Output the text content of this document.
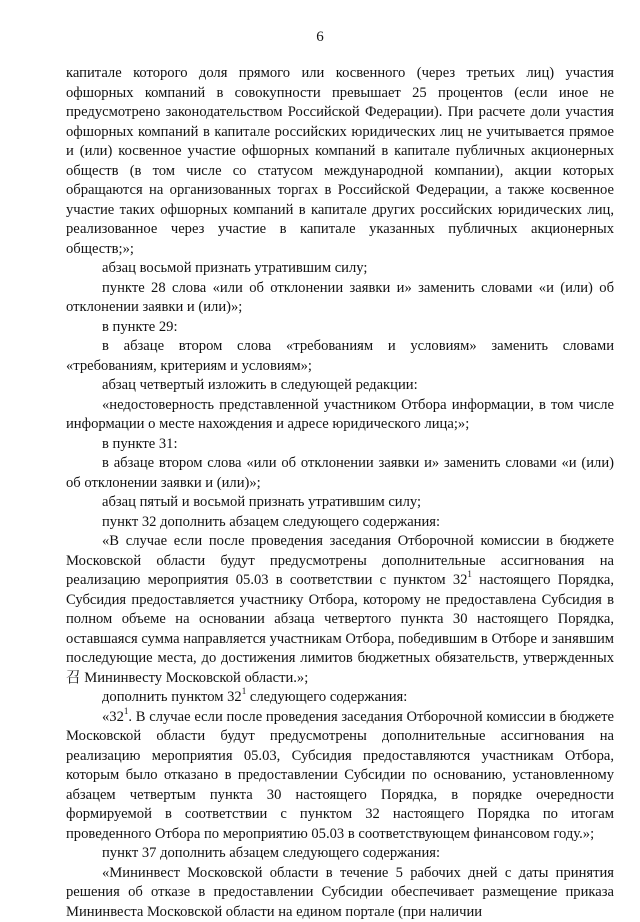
6

капитале которого доля прямого или косвенного (через третьих лиц) участия офшорных компаний в совокупности превышает 25 процентов (если иное не предусмотрено законодательством Российской Федерации). При расчете доли участия офшорных компаний в капитале российских юридических лиц не учитывается прямое и (или) косвенное участие офшорных компаний в капитале публичных акционерных обществ (в том числе со статусом международной компании), акции которых обращаются на организованных торгах в Российской Федерации, а также косвенное участие таких офшорных компаний в капитале других российских юридических лиц, реализованное через участие в капитале указанных публичных акционерных обществ;»;

абзац восьмой признать утратившим силу;

пункте 28 слова «или об отклонении заявки и» заменить словами «и (или) об отклонении заявки и (или)»;

в пункте 29:

в абзаце втором слова «требованиям и условиям» заменить словами «требованиям, критериям и условиям»;

абзац четвертый изложить в следующей редакции:

«недостоверность представленной участником Отбора информации, в том числе информации о месте нахождения и адресе юридического лица;»;

в пункте 31:

в абзаце втором слова «или об отклонении заявки и» заменить словами «и (или) об отклонении заявки и (или)»;

абзац пятый и восьмой признать утратившим силу;

пункт 32 дополнить абзацем следующего содержания:

«В случае если после проведения заседания Отборочной комиссии в бюджете Московской области будут предусмотрены дополнительные ассигнования на реализацию мероприятия 05.03 в соответствии с пунктом $32^1$ настоящего Порядка, Субсидия предоставляется участнику Отбора, которому не предоставлена Субсидия в полном объеме на основании абзаца четвертого пункта 30 настоящего Порядка, оставшаяся сумма направляется участникам Отбора, победившим в Отборе и занявшим последующие места, до достижения лимитов бюджетных обязательств, утвержденных召 Мининвесту Московской области.»;

дополнить пунктом $32^1$ следующего содержания:

«$32^1$. В случае если после проведения заседания Отборочной комиссии в бюджете Московской области будут предусмотрены дополнительные ассигнования на реализацию мероприятия 05.03, Субсидия предоставляются участникам Отбора, которым было отказано в предоставлении Субсидии по основанию, установленному абзацем четвертым пункта 30 настоящего Порядка, в порядке очередности формируемой в соответствии с пунктом 32 настоящего Порядка по итогам проведенного Отбора по мероприятию 05.03 в соответствующем финансовом году.»;

пункт 37 дополнить абзацем следующего содержания:

«Мининвест Московской области в течение 5 рабочих дней с даты принятия решения об отказе в предоставлении Субсидии обеспечивает размещение приказа Мининвеста Московской области на едином портале (при наличии
